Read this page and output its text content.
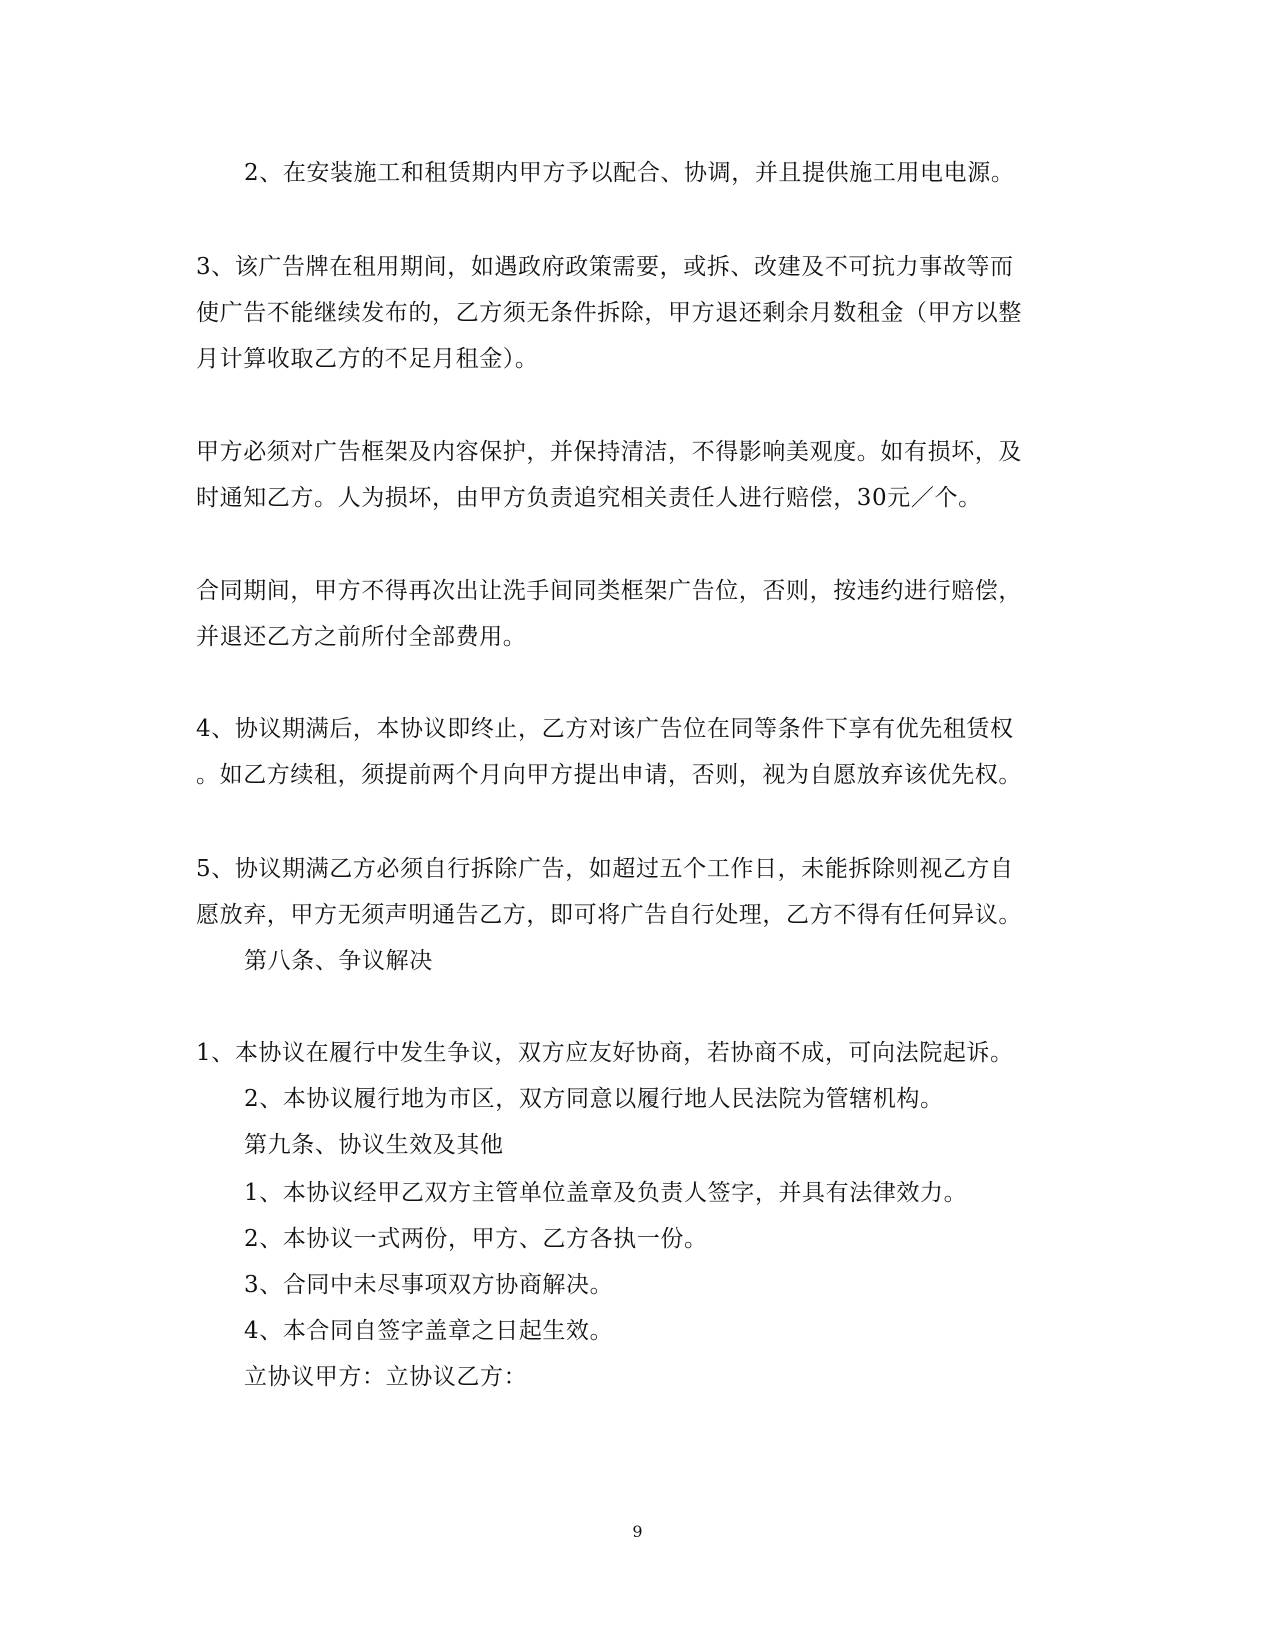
2、在安装施工和租赁期内甲方予以配合、协调，并且提供施工用电电源。
3、该广告牌在租用期间，如遇政府政策需要，或拆、改建及不可抗力事故等而
使广告不能继续发布的，乙方须无条件拆除，甲方退还剩余月数租金（甲方以整
月计算收取乙方的不足月租金）。
甲方必须对广告框架及内容保护，并保持清洁，不得影响美观度。如有损坏，及
时通知乙方。人为损坏，由甲方负责追究相关责任人进行赔偿，30元／个。
合同期间，甲方不得再次出让洗手间同类框架广告位，否则，按违约进行赔偿，
并退还乙方之前所付全部费用。
4、协议期满后，本协议即终止，乙方对该广告位在同等条件下享有优先租赁权
。如乙方续租，须提前两个月向甲方提出申请，否则，视为自愿放弃该优先权。
5、协议期满乙方必须自行拆除广告，如超过五个工作日，未能拆除则视乙方自
愿放弃，甲方无须声明通告乙方，即可将广告自行处理，乙方不得有任何异议。
第八条、争议解决
1、本协议在履行中发生争议，双方应友好协商，若协商不成，可向法院起诉。
2、本协议履行地为市区，双方同意以履行地人民法院为管辖机构。
第九条、协议生效及其他
1、本协议经甲乙双方主管单位盖章及负责人签字，并具有法律效力。
2、本协议一式两份，甲方、乙方各执一份。
3、合同中未尽事项双方协商解决。
4、本合同自签字盖章之日起生效。
立协议甲方：立协议乙方：
9
